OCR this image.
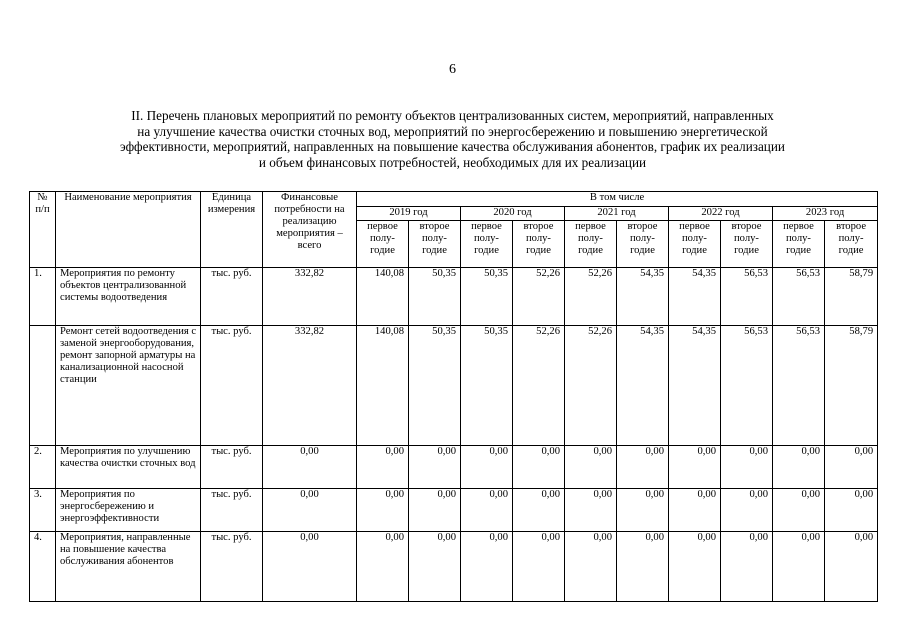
6
II. Перечень плановых мероприятий по ремонту объектов централизованных систем, мероприятий, направленных
на улучшение качества очистки сточных вод, мероприятий по энергосбережению и повышению энергетической
эффективности, мероприятий, направленных на повышение качества обслуживания абонентов, график их реализации
и объем финансовых потребностей, необходимых для их реализации
№ п/п	Наименование мероприятия	Единица измерения	Финансовые потребности на реализацию мероприятия – всего	В том числе									
				2019 год		2020 год		2021 год		2022 год		2023 год	
				первое полу-годие	второе полу-годие	первое полу-годие	второе полу-годие	первое полу-годие	второе полу-годие	первое полу-годие	второе полу-годие	первое полу-годие	второе полу-годие
1.	Мероприятия по ремонту объектов централизованной системы водоотведения	тыс. руб.	332,82	140,08	50,35	50,35	52,26	52,26	54,35	54,35	56,53	56,53	58,79
	Ремонт сетей водоотведения с заменой энергооборудования, ремонт запорной арматуры на канализационной насосной станции	тыс. руб.	332,82	140,08	50,35	50,35	52,26	52,26	54,35	54,35	56,53	56,53	58,79
2.	Мероприятия по улучшению качества очистки сточных вод	тыс. руб.	0,00	0,00	0,00	0,00	0,00	0,00	0,00	0,00	0,00	0,00	0,00
3.	Мероприятия по энергосбережению и энергоэффективности	тыс. руб.	0,00	0,00	0,00	0,00	0,00	0,00	0,00	0,00	0,00	0,00	0,00
4.	Мероприятия, направленные на повышение качества обслуживания абонентов	тыс. руб.	0,00	0,00	0,00	0,00	0,00	0,00	0,00	0,00	0,00	0,00	0,00
